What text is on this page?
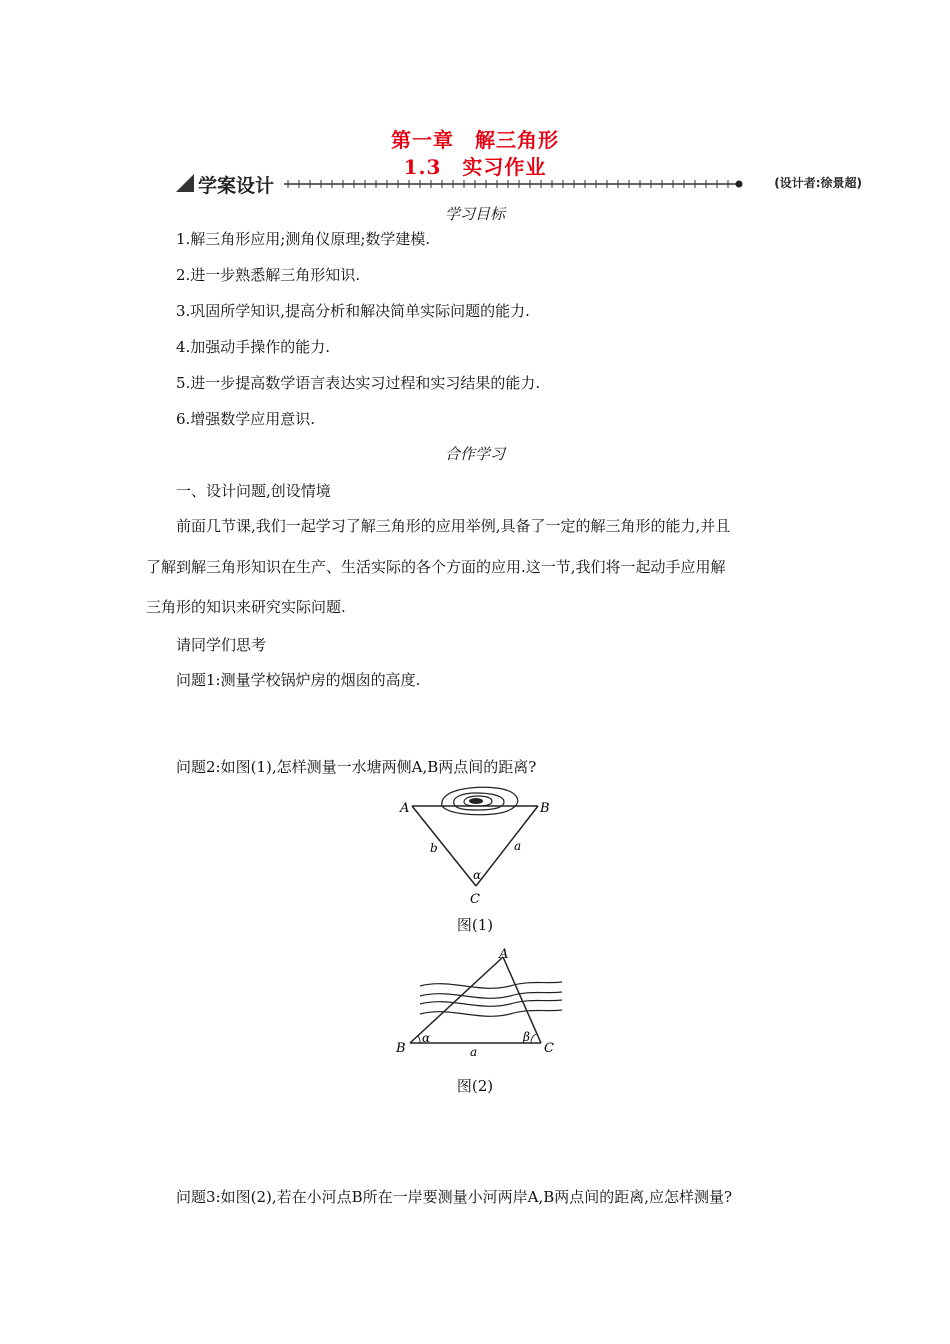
第一章　解三角形
1.3　实习作业
学案设计	(设计者:徐景超)
学习目标
1.解三角形应用;测角仪原理;数学建模.
2.进一步熟悉解三角形知识.
3.巩固所学知识,提高分析和解决简单实际问题的能力.
4.加强动手操作的能力.
5.进一步提高数学语言表达实习过程和实习结果的能力.
6.增强数学应用意识.
合作学习
一、设计问题,创设情境
前面几节课,我们一起学习了解三角形的应用举例,具备了一定的解三角形的能力,并且
了解到解三角形知识在生产、生活实际的各个方面的应用.这一节,我们将一起动手应用解
三角形的知识来研究实际问题.
请同学们思考
问题1:测量学校锅炉房的烟囱的高度.
问题2:如图(1),怎样测量一水塘两侧A,B两点间的距离?
A	B
C
b	a
α
图(1)
A
B	C
α	β
a
图(2)
问题3:如图(2),若在小河点B所在一岸要测量小河两岸A,B两点间的距离,应怎样测量?
